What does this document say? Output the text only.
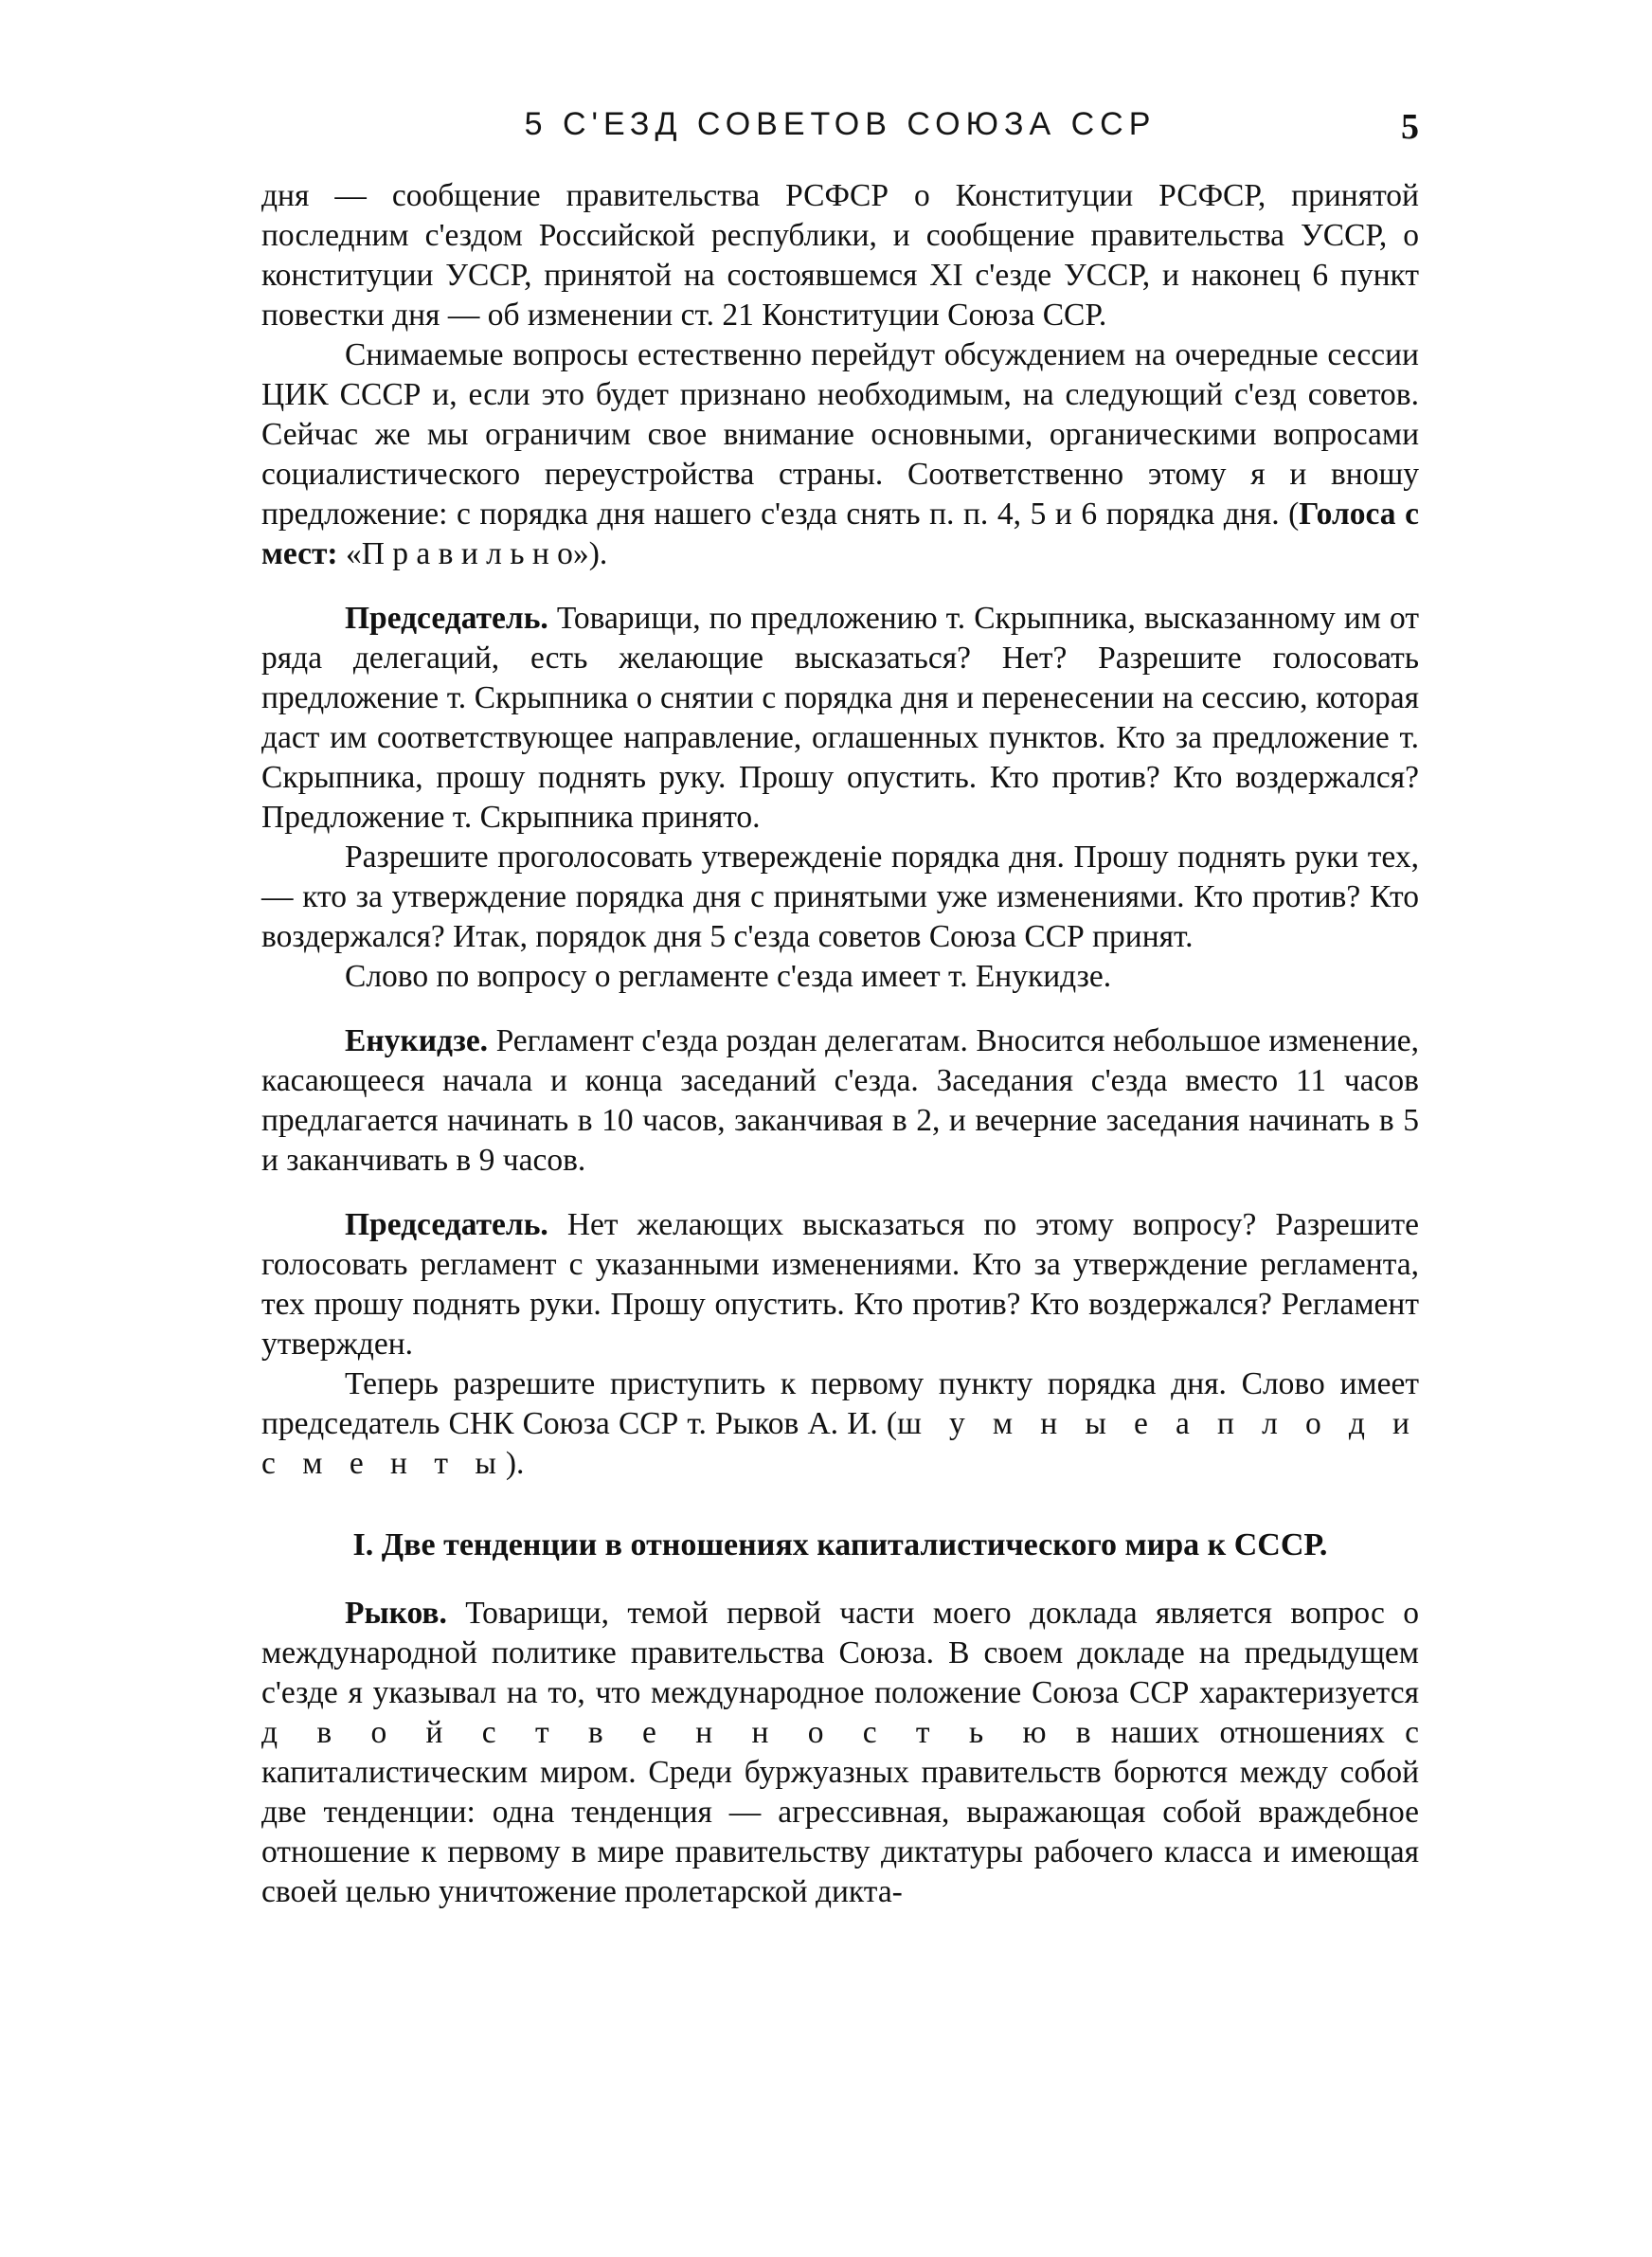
5 С'ЕЗД СОВЕТОВ СОЮЗА ССР	5

дня — сообщение правительства РСФСР о Конституции РСФСР, принятой последним с'ездом Российской республики, и сообщение правительства УССР, о конституции УССР, принятой на состоявшемся XI с'езде УССР, и наконец 6 пункт повестки дня — об изменении ст. 21 Конституции Союза ССР.

Снимаемые вопросы естественно перейдут обсуждением на очередные сессии ЦИК СССР и, если это будет признано необходимым, на следующий с'езд советов. Сейчас же мы ограничим свое внимание основными, органическими вопросами социалистического переустройства страны. Соответственно этому я и вношу предложение: с порядка дня нашего с'езда снять п. п. 4, 5 и 6 порядка дня. (Голоса с мест: «П р а в и л ь н о»).

Председатель. Товарищи, по предложению т. Скрыпника, высказанному им от ряда делегаций, есть желающие высказаться? Нет? Разрешите голосовать предложение т. Скрыпника о снятии с порядка дня и перенесении на сессию, которая даст им соответствующее направление, оглашенных пунктов. Кто за предложение т. Скрыпника, прошу поднять руку. Прошу опустить. Кто против? Кто воздержался? Предложение т. Скрыпника принято.

Разрешите проголосовать утвережденіе порядка дня. Прошу поднять руки тех, — кто за утверждение порядка дня с принятыми уже изменениями. Кто против? Кто воздержался? Итак, порядок дня 5 с'езда советов Союза ССР принят.

Слово по вопросу о регламенте с'езда имеет т. Енукидзе.

Енукидзе. Регламент с'езда роздан делегатам. Вносится небольшое изменение, касающееся начала и конца заседаний с'езда. Заседания с'езда вместо 11 часов предлагается начинать в 10 часов, заканчивая в 2, и вечерние заседания начинать в 5 и заканчивать в 9 часов.

Председатель. Нет желающих высказаться по этому вопросу? Разрешите голосовать регламент с указанными изменениями. Кто за утверждение регламента, тех прошу поднять руки. Прошу опустить. Кто против? Кто воздержался? Регламент утвержден.

Теперь разрешите приступить к первому пункту порядка дня. Слово имеет председатель СНК Союза ССР т. Рыков А. И. (ш у м н ы е а п л о д и с м е н т ы).

I. Две тенденции в отношениях капиталистического мира к СССР.

Рыков. Товарищи, темой первой части моего доклада является вопрос о международной политике правительства Союза. В своем докладе на предыдущем с'езде я указывал на то, что международное положение Союза ССР характеризуется д в о й с т в е н н о с т ь ю в наших отношениях с капиталистическим миром. Среди буржуазных правительств борются между собой две тенденции: одна тенденция — агрессивная, выражающая собой враждебное отношение к первому в мире правительству диктатуры рабочего класса и имеющая своей целью уничтожение пролетарской дикта-
